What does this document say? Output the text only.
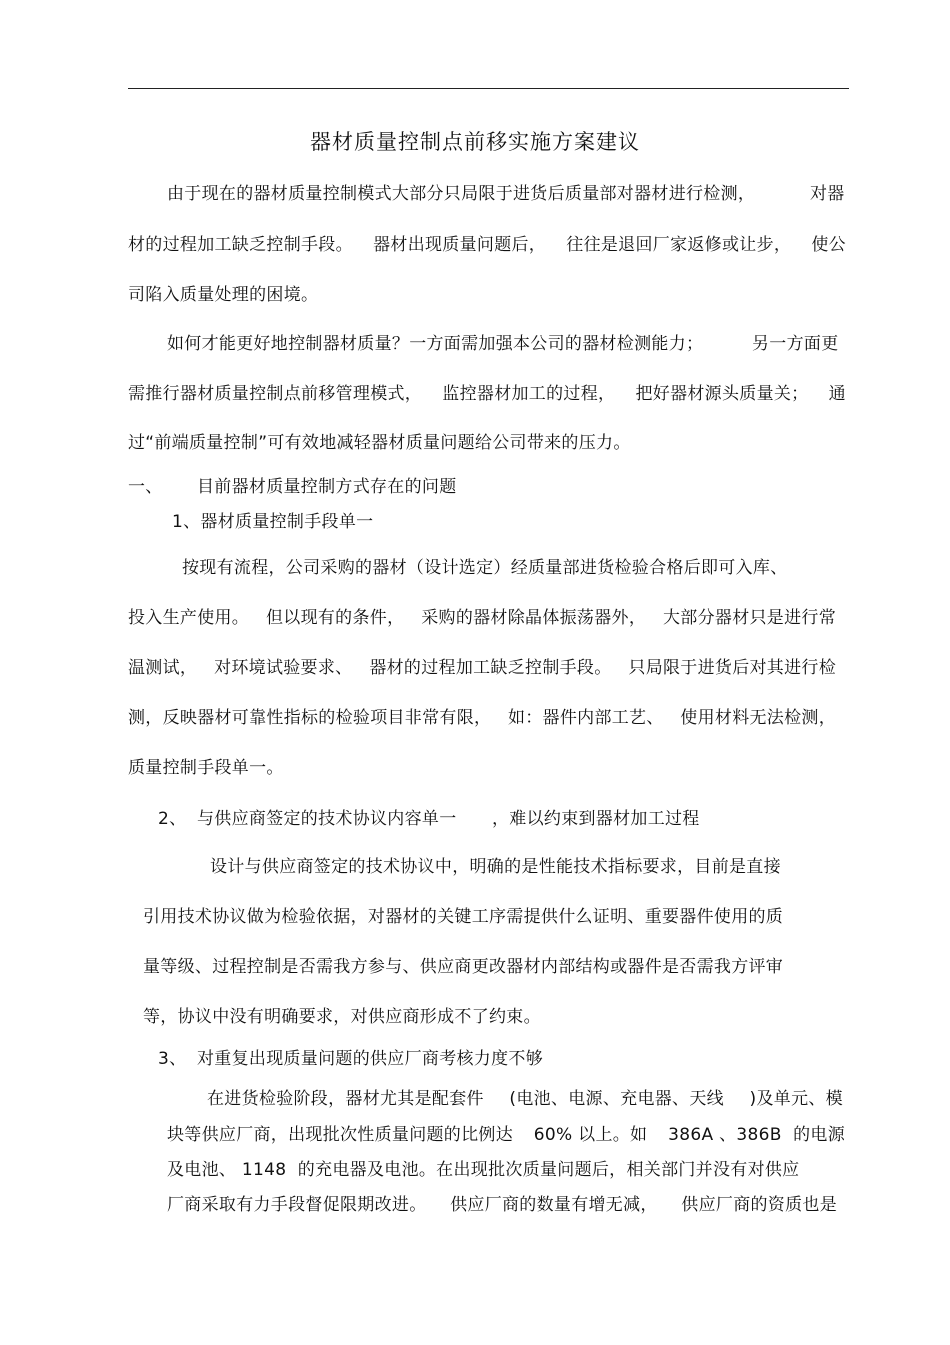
器材质量控制点前移实施方案建议
由于现在的器材质量控制模式大部分只局限于进货后质量部对器材进行检测，	对器
材的过程加工缺乏控制手段。 器材出现质量问题后， 往往是退回厂家返修或让步， 使公
司陷入质量处理的困境。
如何才能更好地控制器材质量？一方面需加强本公司的器材检测能力；	另一方面更
需推行器材质量控制点前移管理模式， 监控器材加工的过程， 把好器材源头质量关； 通
过“前端质量控制”可有效地减轻器材质量问题给公司带来的压力。
一、 目前器材质量控制方式存在的问题
1、器材质量控制手段单一
按现有流程，公司采购的器材（设计选定）经质量部进货检验合格后即可入库、
投入生产使用。 但以现有的条件， 采购的器材除晶体振荡器外， 大部分器材只是进行常
温测试， 对环境试验要求、 器材的过程加工缺乏控制手段。 只局限于进货后对其进行检
测，反映器材可靠性指标的检验项目非常有限， 如：器件内部工艺、 使用材料无法检测，
质量控制手段单一。
2、 与供应商签定的技术协议内容单一 ，难以约束到器材加工过程
设计与供应商签定的技术协议中，明确的是性能技术指标要求，目前是直接
引用技术协议做为检验依据，对器材的关键工序需提供什么证明、重要器件使用的质
量等级、过程控制是否需我方参与、供应商更改器材内部结构或器件是否需我方评审
等，协议中没有明确要求，对供应商形成不了约束。
3、 对重复出现质量问题的供应厂商考核力度不够
在进货检验阶段，器材尤其是配套件 (电池、电源、充电器、天线 )及单元、模
块等供应厂商，出现批次性质量问题的比例达 60% 以上。如 386A 、386B  的电源
及电池、 1148  的充电器及电池。在出现批次质量问题后，相关部门并没有对供应
厂商采取有力手段督促限期改进。 供应厂商的数量有增无减， 供应厂商的资质也是
